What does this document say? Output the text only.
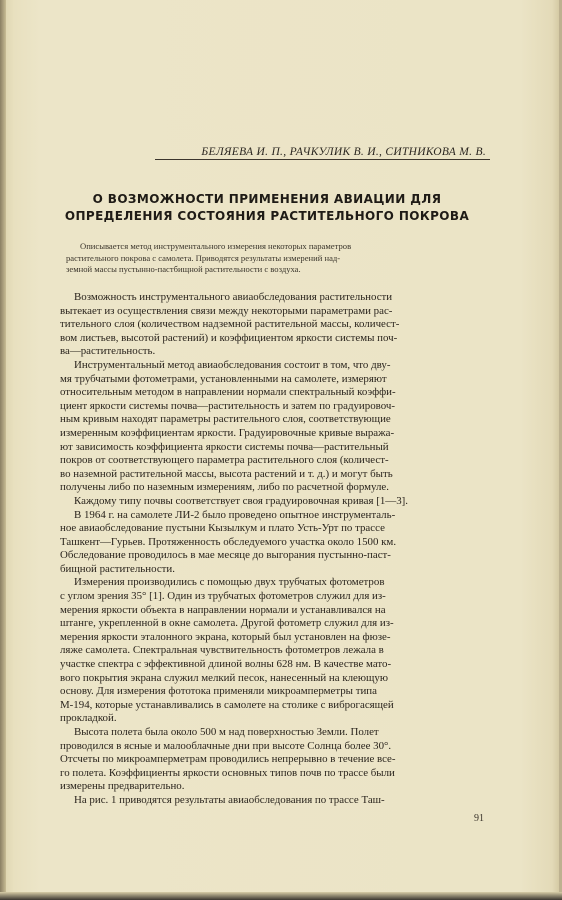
БЕЛЯЕВА И. П., РАЧКУЛИК В. И., СИТНИКОВА М. В.
О ВОЗМОЖНОСТИ ПРИМЕНЕНИЯ АВИАЦИИ ДЛЯ
ОПРЕДЕЛЕНИЯ СОСТОЯНИЯ РАСТИТЕЛЬНОГО ПОКРОВА
Описывается метод инструментального измерения некоторых параметров
растительного покрова с самолета. Приводятся результаты измерений над-
земной массы пустынно-пастбищной растительности с воздуха.
Возможность инструментального авиаобследования растительности
вытекает из осуществления связи между некоторыми параметрами рас-
тительного слоя (количеством надземной растительной массы, количест-
вом листьев, высотой растений) и коэффициентом яркости системы поч-
ва—растительность.
Инструментальный метод авиаобследования состоит в том, что дву-
мя трубчатыми фотометрами, установленными на самолете, измеряют
относительным методом в направлении нормали спектральный коэффи-
циент яркости системы почва—растительность и затем по градуировоч-
ным кривым находят параметры растительного слоя, соответствующие
измеренным коэффициентам яркости. Градуировочные кривые выража-
ют зависимость коэффициента яркости системы почва—растительный
покров от соответствующего параметра растительного слоя (количест-
во наземной растительной массы, высота растений и т. д.) и могут быть
получены либо по наземным измерениям, либо по расчетной формуле.
Каждому типу почвы соответствует своя градуировочная кривая [1—3].
В 1964 г. на самолете ЛИ-2 было проведено опытное инструменталь-
ное авиаобследование пустыни Кызылкум и плато Усть-Урт по трассе
Ташкент—Гурьев. Протяженность обследуемого участка около 1500 км.
Обследование проводилось в мае месяце до выгорания пустынно-паст-
бищной растительности.
Измерения производились с помощью двух трубчатых фотометров
с углом зрения 35° [1]. Один из трубчатых фотометров служил для из-
мерения яркости объекта в направлении нормали и устанавливался на
штанге, укрепленной в окне самолета. Другой фотометр служил для из-
мерения яркости эталонного экрана, который был установлен на фюзе-
ляже самолета. Спектральная чувствительность фотометров лежала в
участке спектра с эффективной длиной волны 628 нм. В качестве мато-
вого покрытия экрана служил мелкий песок, нанесенный на клеющую
основу. Для измерения фототока применяли микроамперметры типа
М-194, которые устанавливались в самолете на столике с виброгасящей
прокладкой.
Высота полета была около 500 м над поверхностью Земли. Полет
проводился в ясные и малооблачные дни при высоте Солнца более 30°.
Отсчеты по микроамперметрам проводились непрерывно в течение все-
го полета. Коэффициенты яркости основных типов почв по трассе были
измерены предварительно.
На рис. 1 приводятся результаты авиаобследования по трассе Таш-
91
